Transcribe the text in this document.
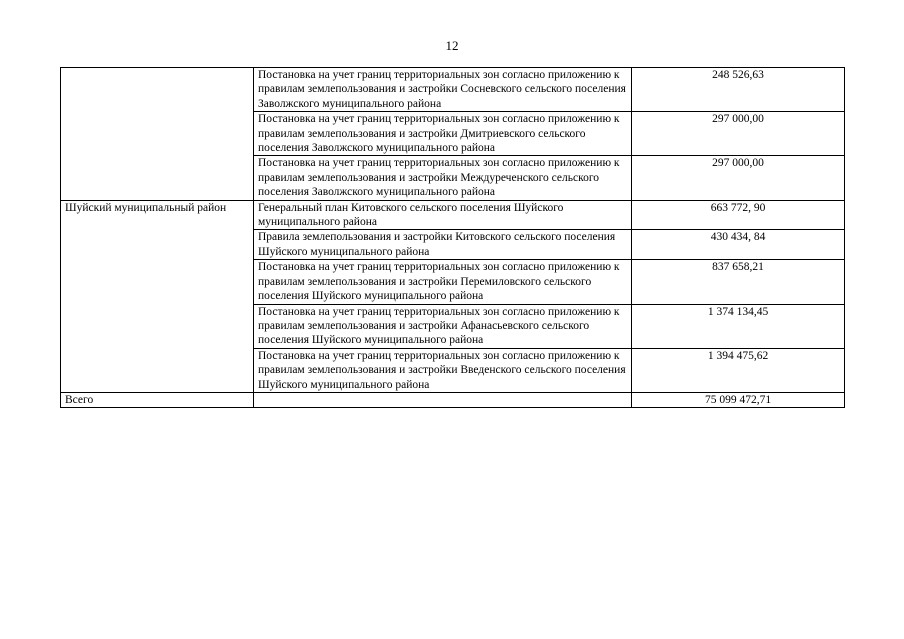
12
	Постановка на учет границ территориальных зон согласно приложению к правилам землепользования и застройки Сосневского сельского поселения Заволжского муниципального района	248 526,63
	Постановка на учет границ территориальных зон согласно приложению к правилам землепользования и застройки Дмитриевского сельского поселения Заволжского муниципального района	297 000,00
	Постановка на учет границ территориальных зон согласно приложению к правилам землепользования и застройки Междуреченского сельского поселения Заволжского муниципального района	297 000,00
Шуйский муниципальный район	Генеральный план Китовского сельского поселения Шуйского муниципального района	663 772, 90
	Правила землепользования и застройки Китовского сельского поселения Шуйского муниципального района	430 434, 84
	Постановка на учет границ территориальных зон согласно приложению к правилам землепользования и застройки Перемиловского сельского поселения Шуйского муниципального района	837 658,21
	Постановка на учет границ территориальных зон согласно приложению к правилам землепользования и застройки Афанасьевского сельского поселения Шуйского муниципального района	1 374 134,45
	Постановка на учет границ территориальных зон согласно приложению к правилам землепользования и застройки Введенского сельского поселения Шуйского муниципального района	1 394 475,62
Всего		75 099 472,71
